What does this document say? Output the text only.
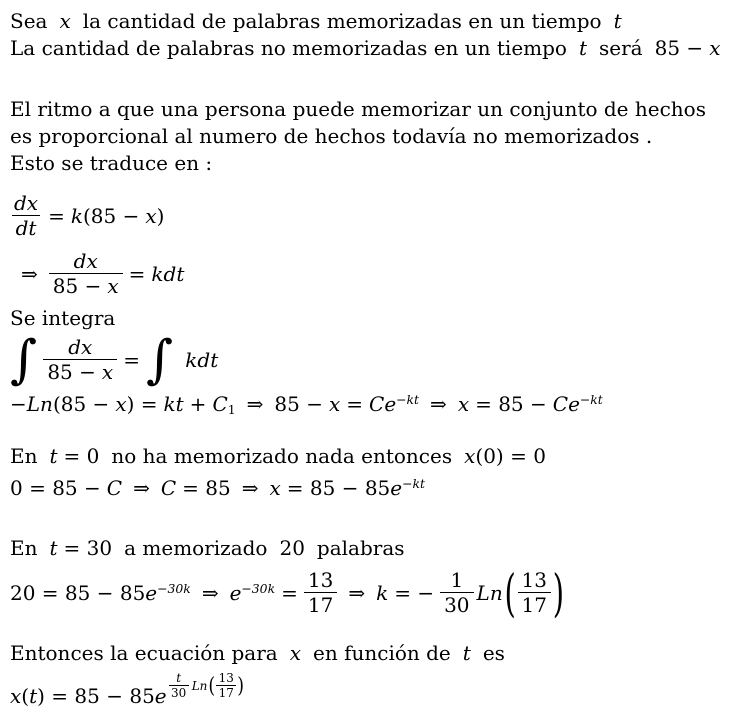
Sea x la cantidad de palabras memorizadas en un tiempo t

La cantidad de palabras no memorizadas en un tiempo t será 85 − x

El ritmo a que una persona puede memorizar un conjunto de hechos

es proporcional al numero de hechos todavía no memorizados .

Esto se traduce en :

$\frac{dx}{dt} = k(85 - x)$
⇒ $\frac{dx}{85 - x}$ = kdt

Se integra

∫ $\frac{dx}{85 - x}$ = ∫ kdt

−Ln(85 − x) = kt + C1 ⇒ $85 - x = Ce^{-kt}$ ⇒ $x = 85 - Ce^{-kt}$

En t = 0 no ha memorizado nada entonces x(0) = 0

0 = 85 − C ⇒ C = 85 ⇒ $x = 85 - 85e^{-kt}$

En t = 30 a memorizado 20 palabras

$20 = 85 - 85e^{-30k}$ ⇒ $e^{-30k} = \frac{13}{17}$ ⇒ k = − $\frac{1}{30}$ Ln ( $\frac{13}{17}$ )

Entonces la ecuación para x en función de t es

$x(t) = 85 - 85e \frac{t}{30}$ Ln ( $\frac{13}{17}$ )
